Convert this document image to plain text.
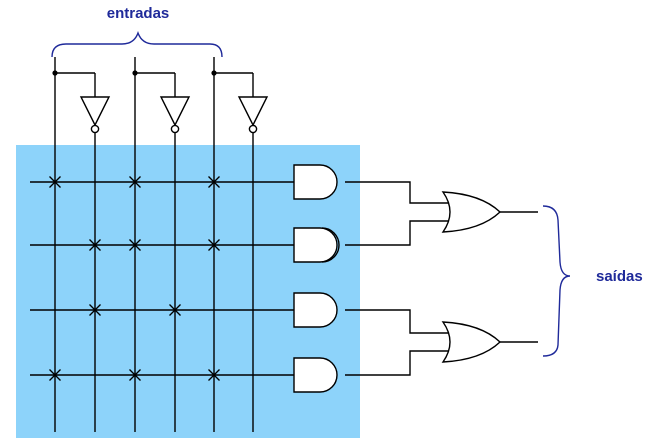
entradas
saídas
